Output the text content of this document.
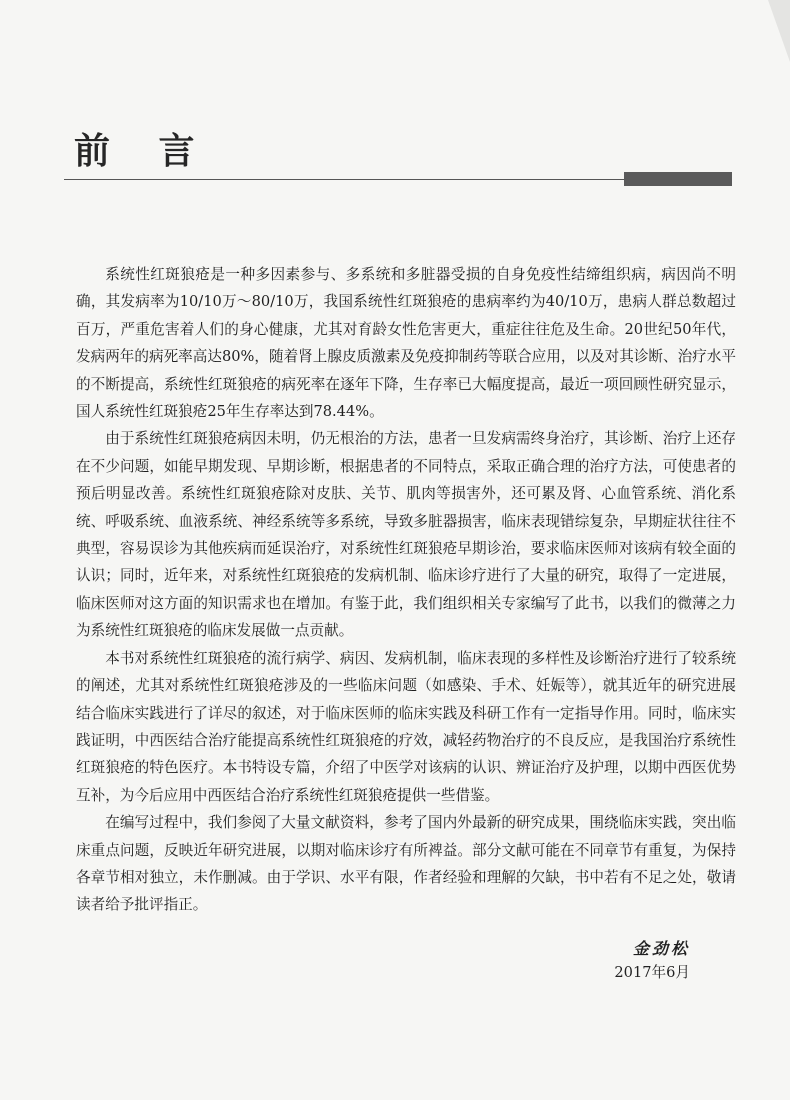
前 言

系统性红斑狼疮是一种多因素参与、多系统和多脏器受损的自身免疫性结缔组织病，病因尚不明确，其发病率为10/10万～80/10万，我国系统性红斑狼疮的患病率约为40/10万，患病人群总数超过百万，严重危害着人们的身心健康，尤其对育龄女性危害更大，重症往往危及生命。20世纪50年代，发病两年的病死率高达80%，随着肾上腺皮质激素及免疫抑制药等联合应用，以及对其诊断、治疗水平的不断提高，系统性红斑狼疮的病死率在逐年下降，生存率已大幅度提高，最近一项回顾性研究显示，国人系统性红斑狼疮25年生存率达到78.44%。

由于系统性红斑狼疮病因未明，仍无根治的方法，患者一旦发病需终身治疗，其诊断、治疗上还存在不少问题，如能早期发现、早期诊断，根据患者的不同特点，采取正确合理的治疗方法，可使患者的预后明显改善。系统性红斑狼疮除对皮肤、关节、肌肉等损害外，还可累及肾、心血管系统、消化系统、呼吸系统、血液系统、神经系统等多系统，导致多脏器损害，临床表现错综复杂，早期症状往往不典型，容易误诊为其他疾病而延误治疗，对系统性红斑狼疮早期诊治，要求临床医师对该病有较全面的认识；同时，近年来，对系统性红斑狼疮的发病机制、临床诊疗进行了大量的研究，取得了一定进展，临床医师对这方面的知识需求也在增加。有鉴于此，我们组织相关专家编写了此书，以我们的微薄之力为系统性红斑狼疮的临床发展做一点贡献。

本书对系统性红斑狼疮的流行病学、病因、发病机制，临床表现的多样性及诊断治疗进行了较系统的阐述，尤其对系统性红斑狼疮涉及的一些临床问题（如感染、手术、妊娠等），就其近年的研究进展结合临床实践进行了详尽的叙述，对于临床医师的临床实践及科研工作有一定指导作用。同时，临床实践证明，中西医结合治疗能提高系统性红斑狼疮的疗效，减轻药物治疗的不良反应，是我国治疗系统性红斑狼疮的特色医疗。本书特设专篇，介绍了中医学对该病的认识、辨证治疗及护理，以期中西医优势互补，为今后应用中西医结合治疗系统性红斑狼疮提供一些借鉴。

在编写过程中，我们参阅了大量文献资料，参考了国内外最新的研究成果，围绕临床实践，突出临床重点问题，反映近年研究进展，以期对临床诊疗有所裨益。部分文献可能在不同章节有重复，为保持各章节相对独立，未作删减。由于学识、水平有限，作者经验和理解的欠缺，书中若有不足之处，敬请读者给予批评指正。

金劲松
2017年6月
